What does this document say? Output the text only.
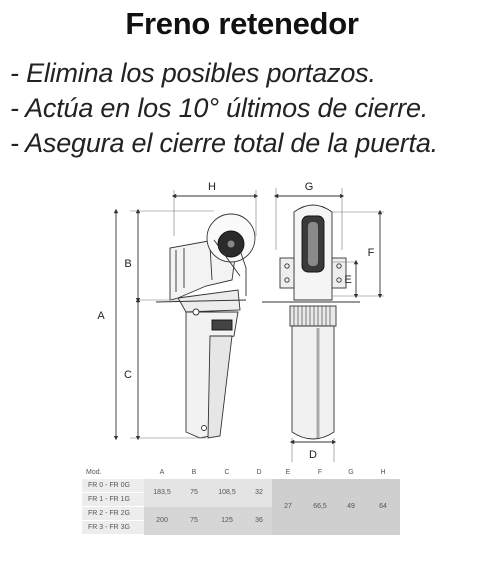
Freno retenedor
- Elimina los posibles portazos.
- Actúa en los 10° últimos de cierre.
- Asegura el cierre total de la puerta.
H
A
B
C
G
F
E
D
Mod.	A	B	C	D	E	F	G	H
FR 0 - FR 0G	183,5	75	108,5	32	27	66,5	49	64
FR 1 - FR 1G								
FR 2 - FR 2G	200	75	125	36				
FR 3 - FR 3G								
